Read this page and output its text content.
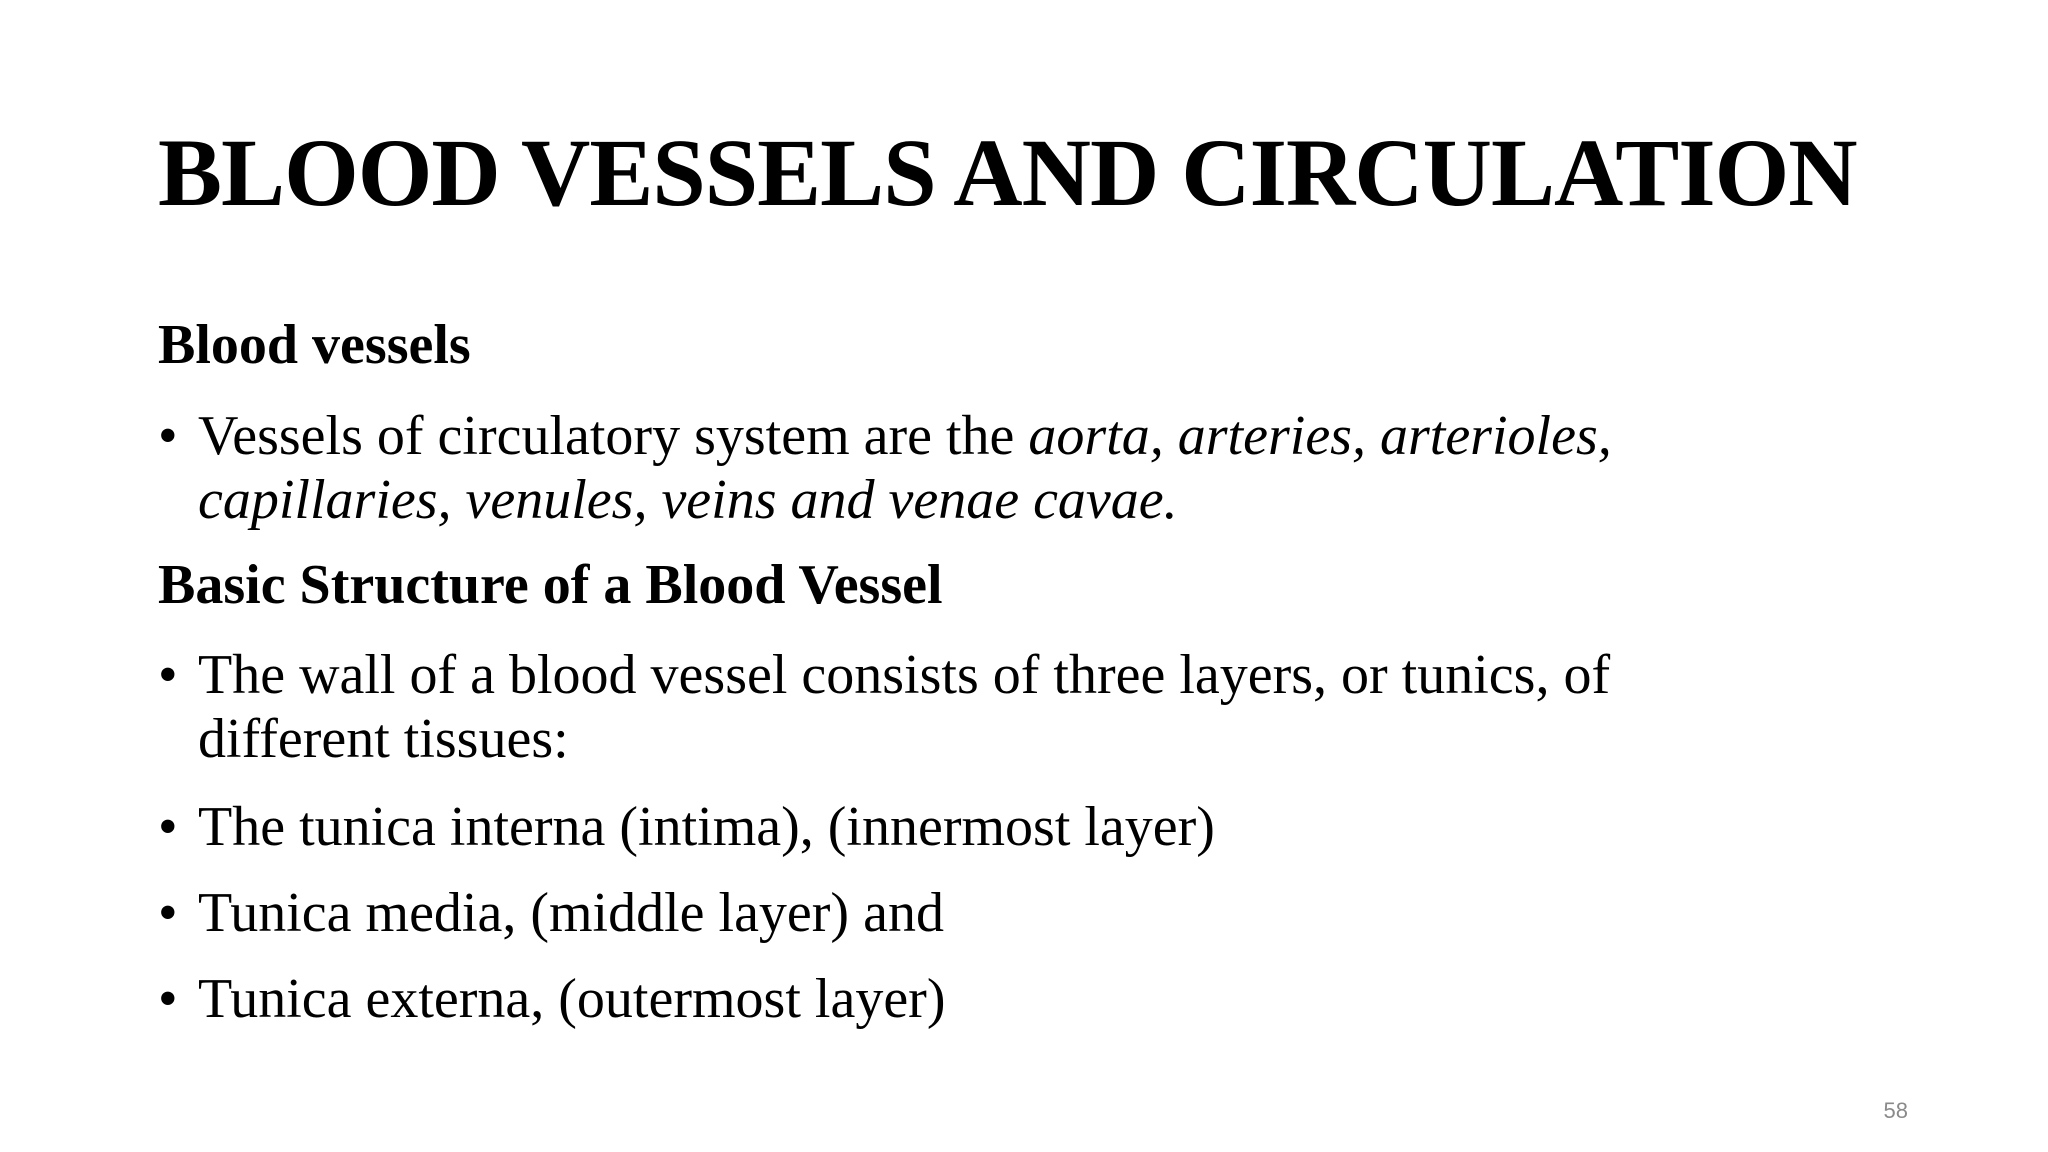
BLOOD VESSELS AND CIRCULATION
Blood vessels
• Vessels of circulatory system are the aorta, arteries, arterioles, capillaries, venules, veins and venae cavae.
Basic Structure of a Blood Vessel
• The wall of a blood vessel consists of three layers, or tunics, of different tissues:
• The tunica interna (intima), (innermost layer)
• Tunica media, (middle layer) and
• Tunica externa, (outermost layer)
58
